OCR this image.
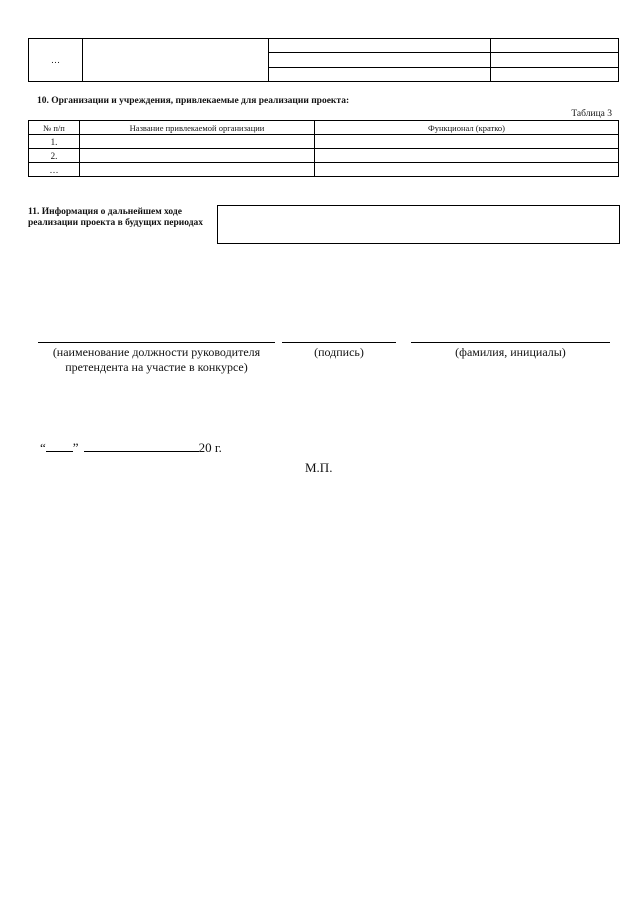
…			

10. Организации и учреждения, привлекаемые для реализации проекта:
Таблица 3
№ п/п	Название привлекаемой организации	Функционал (кратко)
1.		
2.		
…		
11. Информация о дальнейшем ходе реализации проекта в будущих периодах
(наименование должности руководителя претендента на участие в конкурсе)
(подпись)	(фамилия, инициалы)
“ ”	20 г.
М.П.
